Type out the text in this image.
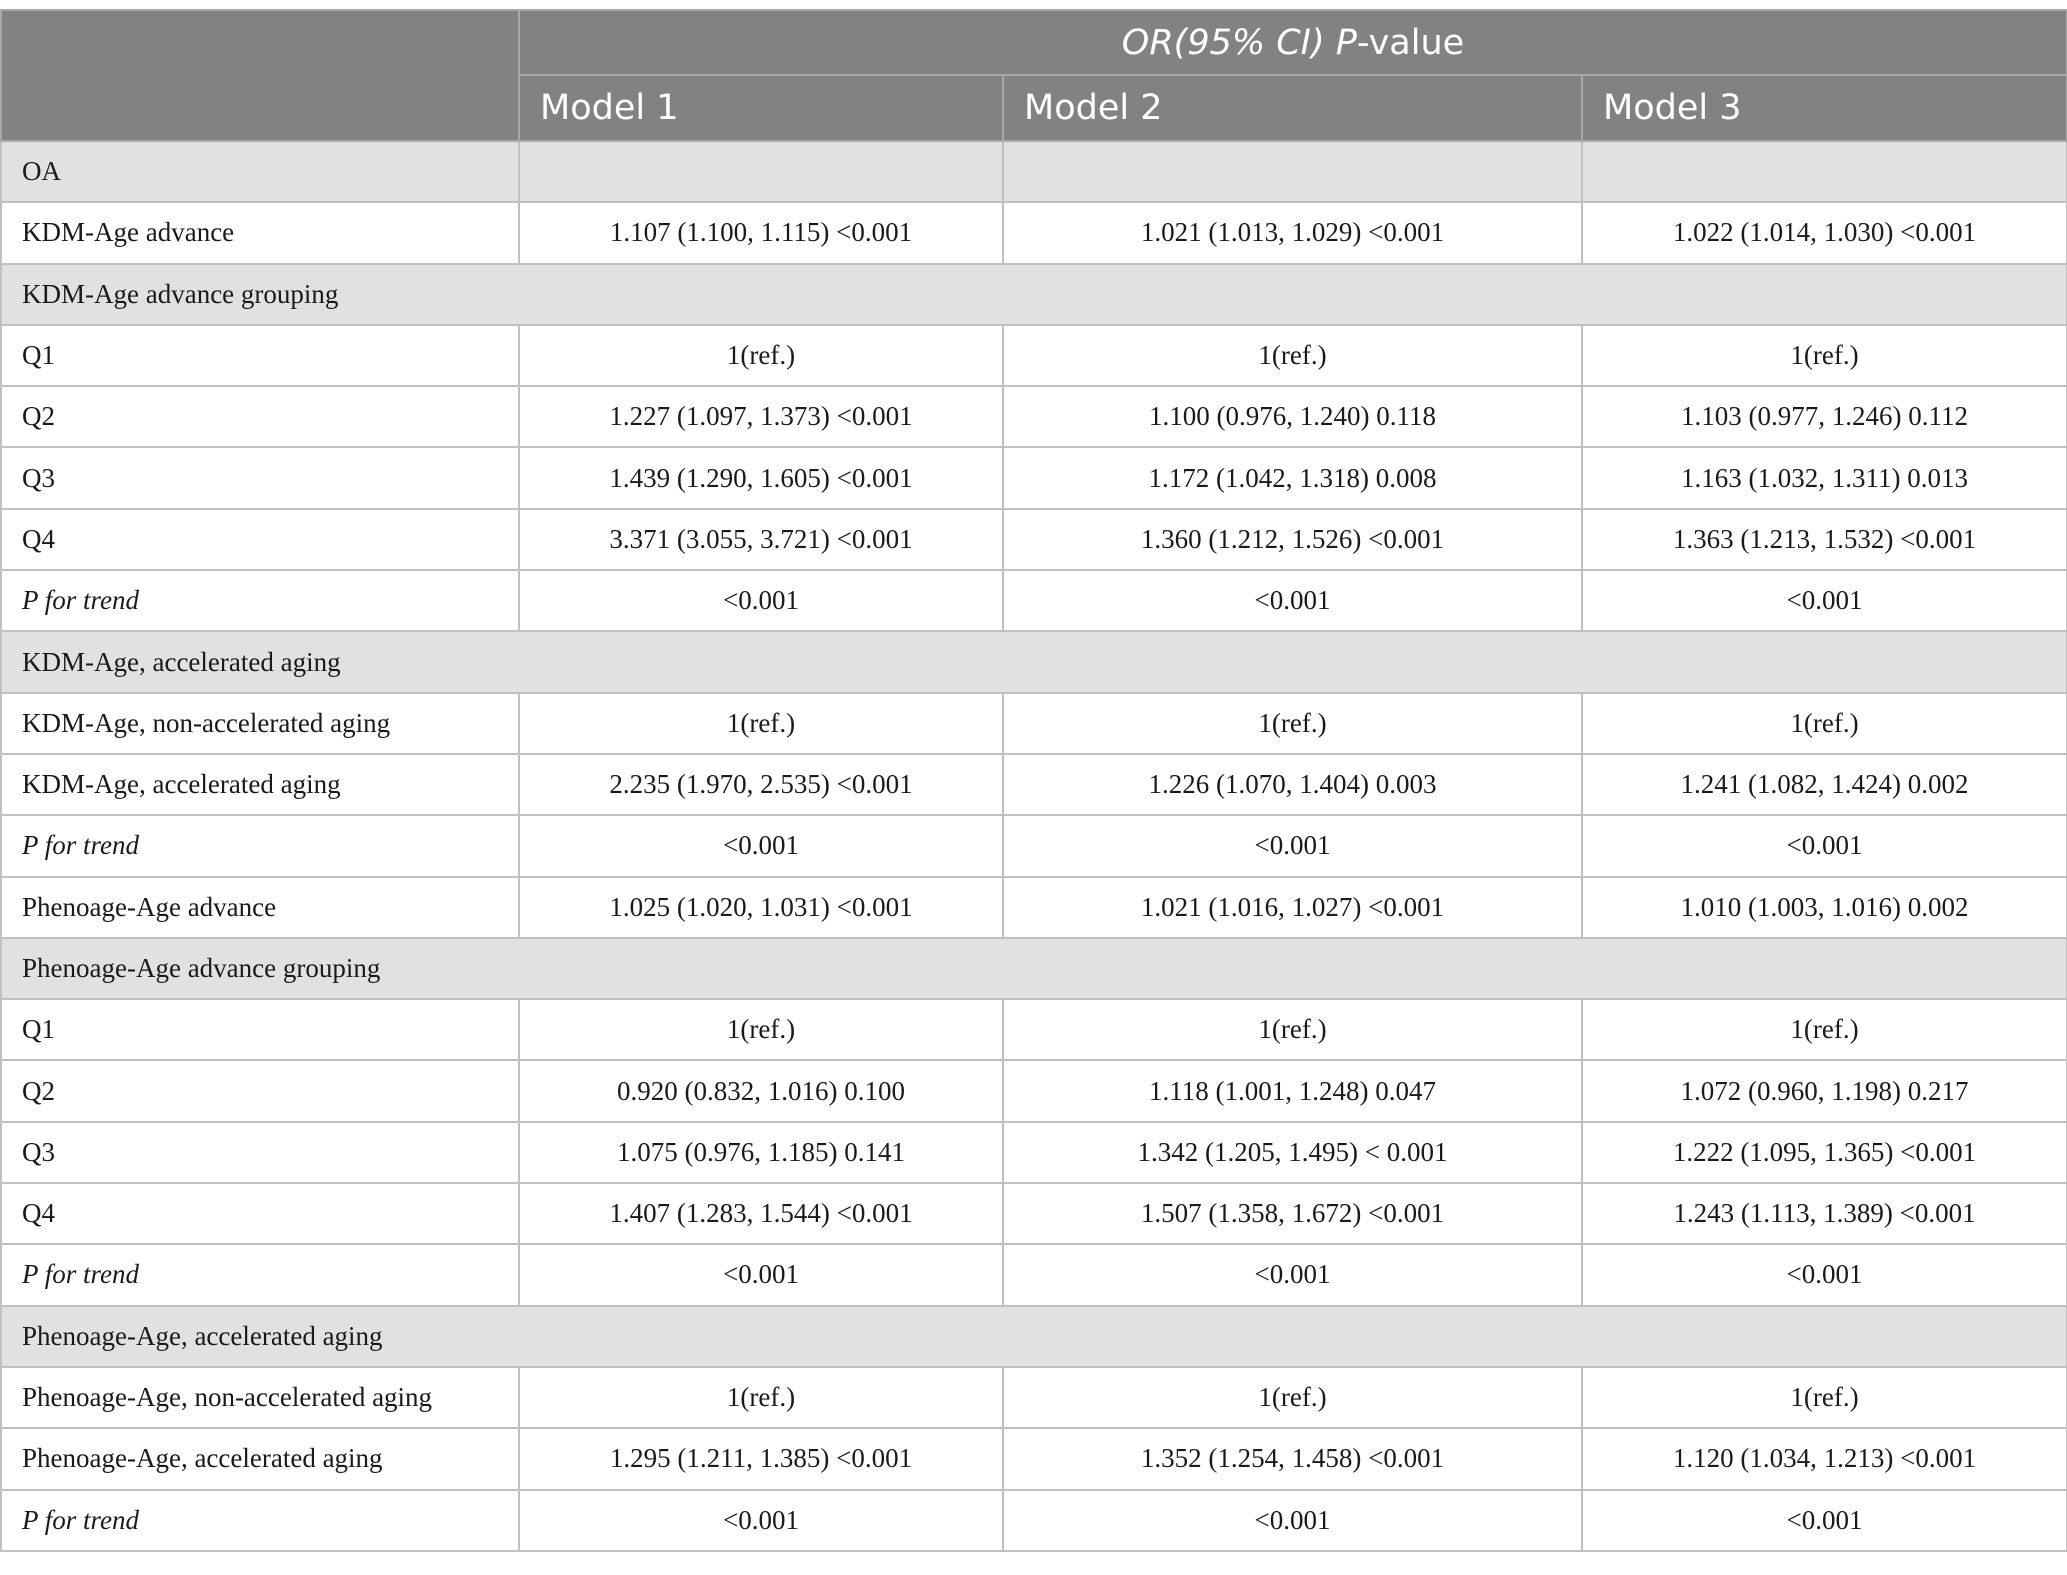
	OR(95% CI) P-value		
	Model 1	Model 2	Model 3
OA			
KDM-Age advance	1.107 (1.100, 1.115) <0.001	1.021 (1.013, 1.029) <0.001	1.022 (1.014, 1.030) <0.001
KDM-Age advance grouping			
Q1	1(ref.)	1(ref.)	1(ref.)
Q2	1.227 (1.097, 1.373) <0.001	1.100 (0.976, 1.240) 0.118	1.103 (0.977, 1.246) 0.112
Q3	1.439 (1.290, 1.605) <0.001	1.172 (1.042, 1.318) 0.008	1.163 (1.032, 1.311) 0.013
Q4	3.371 (3.055, 3.721) <0.001	1.360 (1.212, 1.526) <0.001	1.363 (1.213, 1.532) <0.001
P for trend	<0.001	<0.001	<0.001
KDM-Age, accelerated aging			
KDM-Age, non-accelerated aging	1(ref.)	1(ref.)	1(ref.)
KDM-Age, accelerated aging	2.235 (1.970, 2.535) <0.001	1.226 (1.070, 1.404) 0.003	1.241 (1.082, 1.424) 0.002
P for trend	<0.001	<0.001	<0.001
Phenoage-Age advance	1.025 (1.020, 1.031) <0.001	1.021 (1.016, 1.027) <0.001	1.010 (1.003, 1.016) 0.002
Phenoage-Age advance grouping			
Q1	1(ref.)	1(ref.)	1(ref.)
Q2	0.920 (0.832, 1.016) 0.100	1.118 (1.001, 1.248) 0.047	1.072 (0.960, 1.198) 0.217
Q3	1.075 (0.976, 1.185) 0.141	1.342 (1.205, 1.495) < 0.001	1.222 (1.095, 1.365) <0.001
Q4	1.407 (1.283, 1.544) <0.001	1.507 (1.358, 1.672) <0.001	1.243 (1.113, 1.389) <0.001
P for trend	<0.001	<0.001	<0.001
Phenoage-Age, accelerated aging			
Phenoage-Age, non-accelerated aging	1(ref.)	1(ref.)	1(ref.)
Phenoage-Age, accelerated aging	1.295 (1.211, 1.385) <0.001	1.352 (1.254, 1.458) <0.001	1.120 (1.034, 1.213) <0.001
P for trend	<0.001	<0.001	<0.001
